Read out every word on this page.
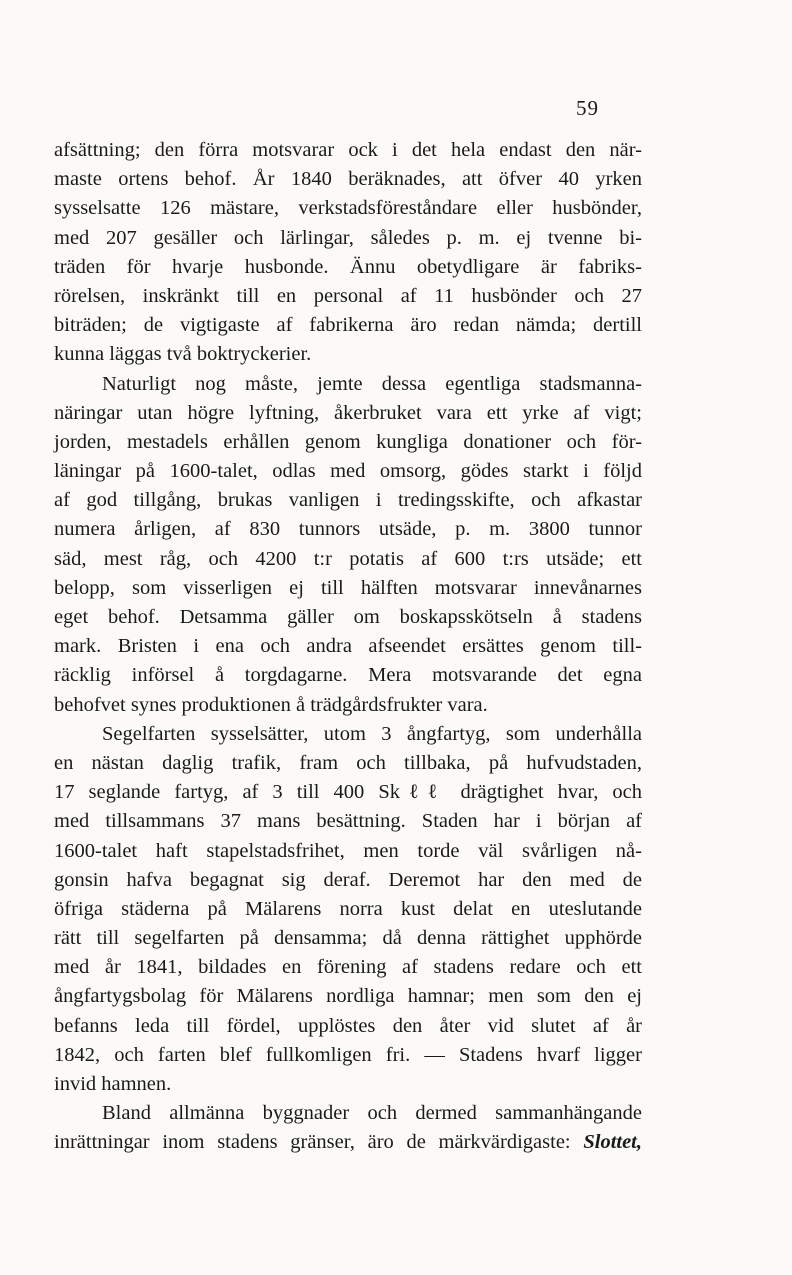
59
afsättning; den förra motsvarar ock i det hela endast den när-
maste ortens behof. År 1840 beräknades, att öfver 40 yrken
sysselsatte 126 mästare, verkstadsföreståndare eller husbönder,
med 207 gesäller och lärlingar, således p. m. ej tvenne bi-
träden för hvarje husbonde. Ännu obetydligare är fabriks-
rörelsen, inskränkt till en personal af 11 husbönder och 27
biträden; de vigtigaste af fabrikerna äro redan nämda; dertill
kunna läggas två boktryckerier.
Naturligt nog måste, jemte dessa egentliga stadsmanna-
näringar utan högre lyftning, åkerbruket vara ett yrke af vigt;
jorden, mestadels erhållen genom kungliga donationer och för-
läningar på 1600-talet, odlas med omsorg, gödes starkt i följd
af god tillgång, brukas vanligen i tredingsskifte, och afkastar
numera årligen, af 830 tunnors utsäde, p. m. 3800 tunnor
säd, mest råg, och 4200 t:r potatis af 600 t:rs utsäde; ett
belopp, som visserligen ej till hälften motsvarar innevånarnes
eget behof. Detsamma gäller om boskapsskötseln å stadens
mark. Bristen i ena och andra afseendet ersättes genom till-
räcklig införsel å torgdagarne. Mera motsvarande det egna
behofvet synes produktionen å trädgårdsfrukter vara.
Segelfarten sysselsätter, utom 3 ångfartyg, som underhålla
en nästan daglig trafik, fram och tillbaka, på hufvudstaden,
17 seglande fartyg, af 3 till 400 Skℓℓ drägtighet hvar, och
med tillsammans 37 mans besättning. Staden har i början af
1600-talet haft stapelstadsfrihet, men torde väl svårligen nå-
gonsin hafva begagnat sig deraf. Deremot har den med de
öfriga städerna på Mälarens norra kust delat en uteslutande
rätt till segelfarten på densamma; då denna rättighet upphörde
med år 1841, bildades en förening af stadens redare och ett
ångfartygsbolag för Mälarens nordliga hamnar; men som den ej
befanns leda till fördel, upplöstes den åter vid slutet af år
1842, och farten blef fullkomligen fri. — Stadens hvarf ligger
invid hamnen.
Bland allmänna byggnader och dermed sammanhängande
inrättningar inom stadens gränser, äro de märkvärdigaste: Slottet,
